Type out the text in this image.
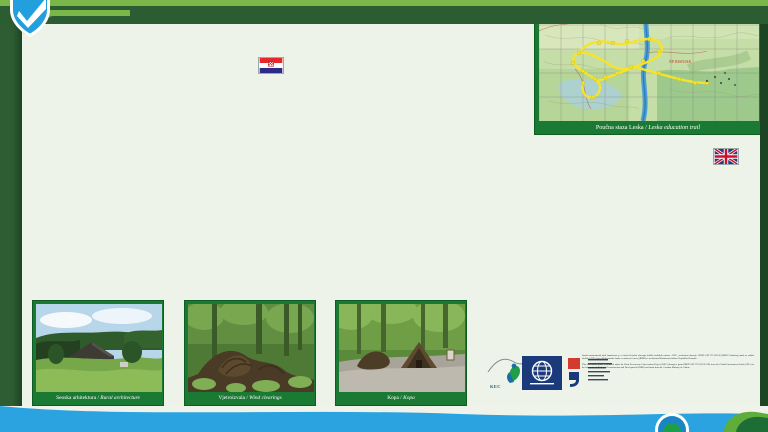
•
•
•
•
•
•
•
•
•
•
•
•
NP RISNJAK
Poučna staza Leska / Leska education trail
Seoska arhitektura / Rural architecture	Vjetroizvala / Wind clearings	Kopa / Kopa
KEC

Izrada informativnih tabli financirana je u okviru Projekta očuvanja krških ekoloških sustava - KEC, sredstvima donacije GBRD GEF TF 052120 (IBRD Globalnog fonda za zaštitu okoliša (GEF) putem Međunarodne banke za obnovu i razvoj (IBRD) te sredstvima Ministarstva kulture Republike Hrvatske.

This information panel is financed under the Karst Eco-system Conservation Project (KEC) through a grant (IBRD GEF TF 052120 GB) from the Global Environment Fund (GEF) via the International Bank for Reconstruction and Development (IBRD) and funds from the Croatian Ministry of Culture.
